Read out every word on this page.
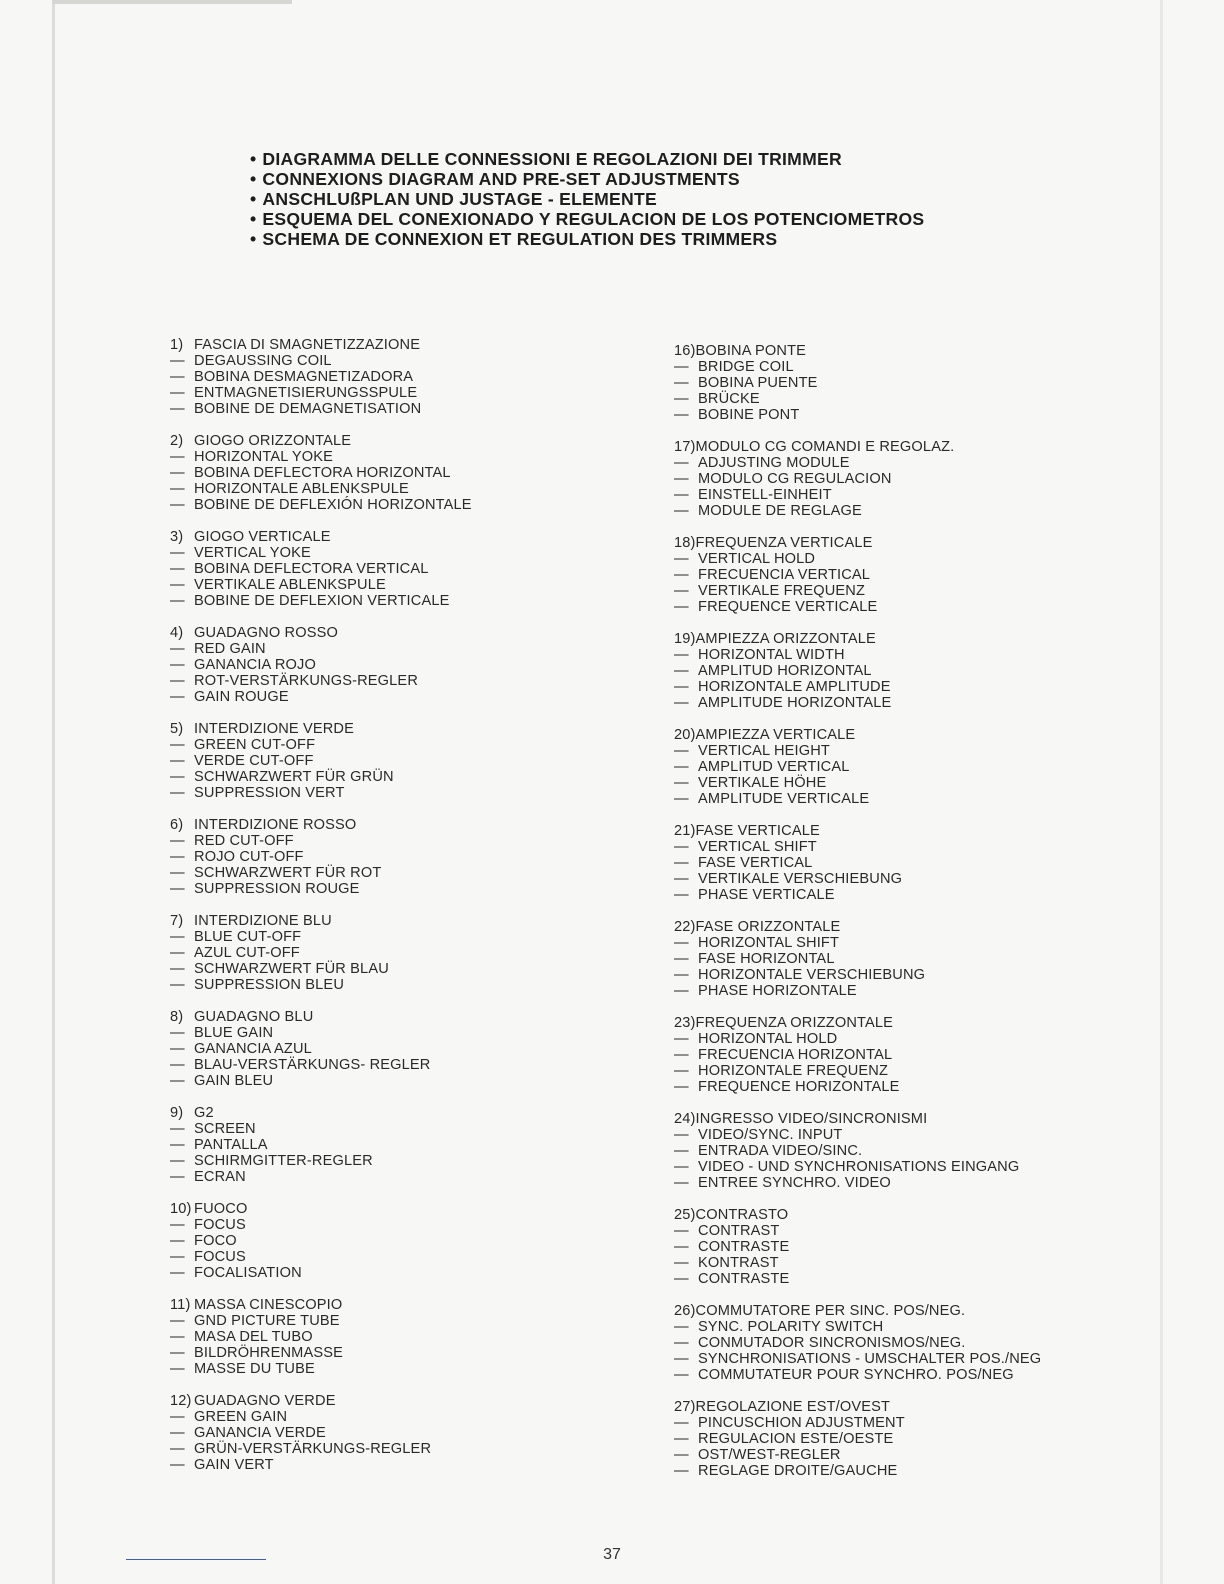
• DIAGRAMMA DELLE CONNESSIONI E REGOLAZIONI DEI TRIMMER
• CONNEXIONS DIAGRAM AND PRE-SET ADJUSTMENTS
• ANSCHLUßPLAN UND JUSTAGE - ELEMENTE
• ESQUEMA DEL CONEXIONADO Y REGULACION DE LOS POTENCIOMETROS
• SCHEMA DE CONNEXION ET REGULATION DES TRIMMERS
1) FASCIA DI SMAGNETIZZAZIONE
— DEGAUSSING COIL
— BOBINA DESMAGNETIZADORA
— ENTMAGNETISIERUNGSSPULE
— BOBINE DE DEMAGNETISATION
2) GIOGO ORIZZONTALE
— HORIZONTAL YOKE
— BOBINA DEFLECTORA HORIZONTAL
— HORIZONTALE ABLENKSPULE
— BOBINE DE DEFLEXIÓN HORIZONTALE
3) GIOGO VERTICALE
— VERTICAL YOKE
— BOBINA DEFLECTORA VERTICAL
— VERTIKALE ABLENKSPULE
— BOBINE DE DEFLEXION VERTICALE
4) GUADAGNO ROSSO
— RED GAIN
— GANANCIA ROJO
— ROT-VERSTÄRKUNGS-REGLER
— GAIN ROUGE
5) INTERDIZIONE VERDE
— GREEN CUT-OFF
— VERDE CUT-OFF
— SCHWARZWERT FÜR GRÜN
— SUPPRESSION VERT
6) INTERDIZIONE ROSSO
— RED CUT-OFF
— ROJO CUT-OFF
— SCHWARZWERT FÜR ROT
— SUPPRESSION ROUGE
7) INTERDIZIONE BLU
— BLUE CUT-OFF
— AZUL CUT-OFF
— SCHWARZWERT FÜR BLAU
— SUPPRESSION BLEU
8) GUADAGNO BLU
— BLUE GAIN
— GANANCIA AZUL
— BLAU-VERSTÄRKUNGS- REGLER
— GAIN BLEU
9) G2
— SCREEN
— PANTALLA
— SCHIRMGITTER-REGLER
— ECRAN
10) FUOCO
— FOCUS
— FOCO
— FOCUS
— FOCALISATION
11) MASSA CINESCOPIO
— GND PICTURE TUBE
— MASA DEL TUBO
— BILDRÖHRENMASSE
— MASSE DU TUBE
12) GUADAGNO VERDE
— GREEN GAIN
— GANANCIA VERDE
— GRÜN-VERSTÄRKUNGS-REGLER
— GAIN VERT
16)BOBINA PONTE
— BRIDGE COIL
— BOBINA PUENTE
— BRÜCKE
— BOBINE PONT
17)MODULO CG COMANDI E REGOLAZ.
— ADJUSTING MODULE
— MODULO CG REGULACION
— EINSTELL-EINHEIT
— MODULE DE REGLAGE
18)FREQUENZA VERTICALE
— VERTICAL HOLD
— FRECUENCIA VERTICAL
— VERTIKALE FREQUENZ
— FREQUENCE VERTICALE
19)AMPIEZZA ORIZZONTALE
— HORIZONTAL WIDTH
— AMPLITUD HORIZONTAL
— HORIZONTALE AMPLITUDE
— AMPLITUDE HORIZONTALE
20)AMPIEZZA VERTICALE
— VERTICAL HEIGHT
— AMPLITUD VERTICAL
— VERTIKALE HÖHE
— AMPLITUDE VERTICALE
21)FASE VERTICALE
— VERTICAL SHIFT
— FASE VERTICAL
— VERTIKALE VERSCHIEBUNG
— PHASE VERTICALE
22)FASE ORIZZONTALE
— HORIZONTAL SHIFT
— FASE HORIZONTAL
— HORIZONTALE VERSCHIEBUNG
— PHASE HORIZONTALE
23)FREQUENZA ORIZZONTALE
— HORIZONTAL HOLD
— FRECUENCIA HORIZONTAL
— HORIZONTALE FREQUENZ
— FREQUENCE HORIZONTALE
24)INGRESSO VIDEO/SINCRONISMI
— VIDEO/SYNC. INPUT
— ENTRADA VIDEO/SINC.
— VIDEO - UND SYNCHRONISATIONS EINGANG
— ENTREE SYNCHRO. VIDEO
25)CONTRASTO
— CONTRAST
— CONTRASTE
— KONTRAST
— CONTRASTE
26)COMMUTATORE PER SINC. POS/NEG.
— SYNC. POLARITY SWITCH
— CONMUTADOR SINCRONISMOS/NEG.
— SYNCHRONISATIONS - UMSCHALTER POS./NEG
— COMMUTATEUR POUR SYNCHRO. POS/NEG
27)REGOLAZIONE EST/OVEST
— PINCUSCHION ADJUSTMENT
— REGULACION ESTE/OESTE
— OST/WEST-REGLER
— REGLAGE DROITE/GAUCHE
37
